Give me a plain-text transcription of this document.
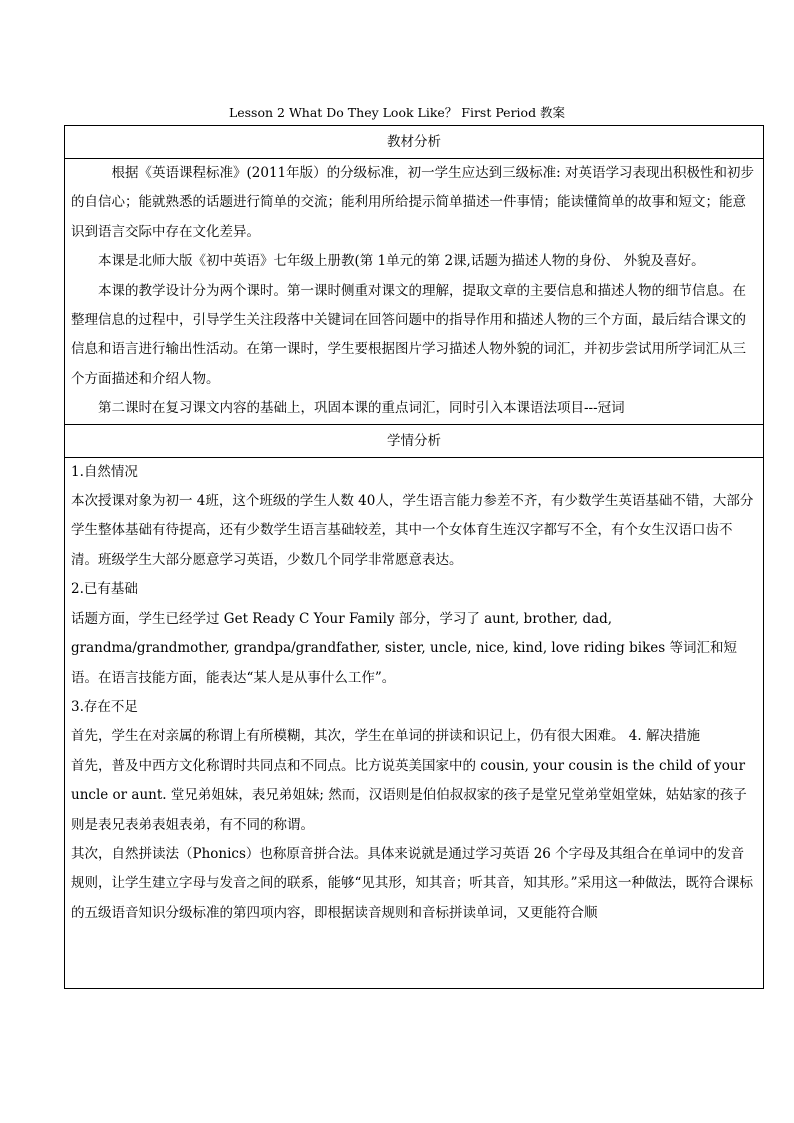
Lesson 2 What Do They Look Like？ First Period 教案
教材分析

根据《英语课程标准》(2011年版）的分级标准，初一学生应达到三级标准: 对英语学习表现出积极性和初步的自信心；能就熟悉的话题进行简单的交流；能利用所给提示简单描述一件事情；能读懂简单的故事和短文；能意识到语言交际中存在文化差异。

本课是北师大版《初中英语》七年级上册教(第 1单元的第 2课,话题为描述人物的身份、 外貌及喜好。

本课的教学设计分为两个课时。第一课时侧重对课文的理解，提取文章的主要信息和描述人物的细节信息。在整理信息的过程中，引导学生关注段落中关键词在回答问题中的指导作用和描述人物的三个方面，最后结合课文的信息和语言进行输出性活动。在第一课时，学生要根据图片学习描述人物外貌的词汇，并初步尝试用所学词汇从三个方面描述和介绍人物。

第二课时在复习课文内容的基础上，巩固本课的重点词汇，同时引入本课语法项目---冠词

学情分析

1.自然情况

本次授课对象为初一 4班，这个班级的学生人数 40人，学生语言能力参差不齐，有少数学生英语基础不错，大部分学生整体基础有待提高，还有少数学生语言基础较差，其中一个女体育生连汉字都写不全，有个女生汉语口齿不清。班级学生大部分愿意学习英语，少数几个同学非常愿意表达。

2.已有基础

话题方面，学生已经学过 Get Ready C Your Family 部分，学习了 aunt, brother, dad, grandma/grandmother, grandpa/grandfather, sister, uncle, nice, kind, love riding bikes 等词汇和短语。在语言技能方面，能表达“某人是从事什么工作”。

3.存在不足

首先，学生在对亲属的称谓上有所模糊，其次，学生在单词的拼读和识记上，仍有很大困难。 4. 解决措施

首先，普及中西方文化称谓时共同点和不同点。比方说英美国家中的 cousin, your cousin is the child of your uncle or aunt. 堂兄弟姐妹，表兄弟姐妹; 然而，汉语则是伯伯叔叔家的孩子是堂兄堂弟堂姐堂妹，姑姑家的孩子则是表兄表弟表姐表弟，有不同的称谓。

其次，自然拼读法（Phonics）也称原音拼合法。具体来说就是通过学习英语 26 个字母及其组合在单词中的发音规则，让学生建立字母与发音之间的联系，能够“见其形，知其音；听其音，知其形。”采用这一种做法，既符合课标的五级语音知识分级标准的第四项内容，即根据读音规则和音标拼读单词，又更能符合顺
